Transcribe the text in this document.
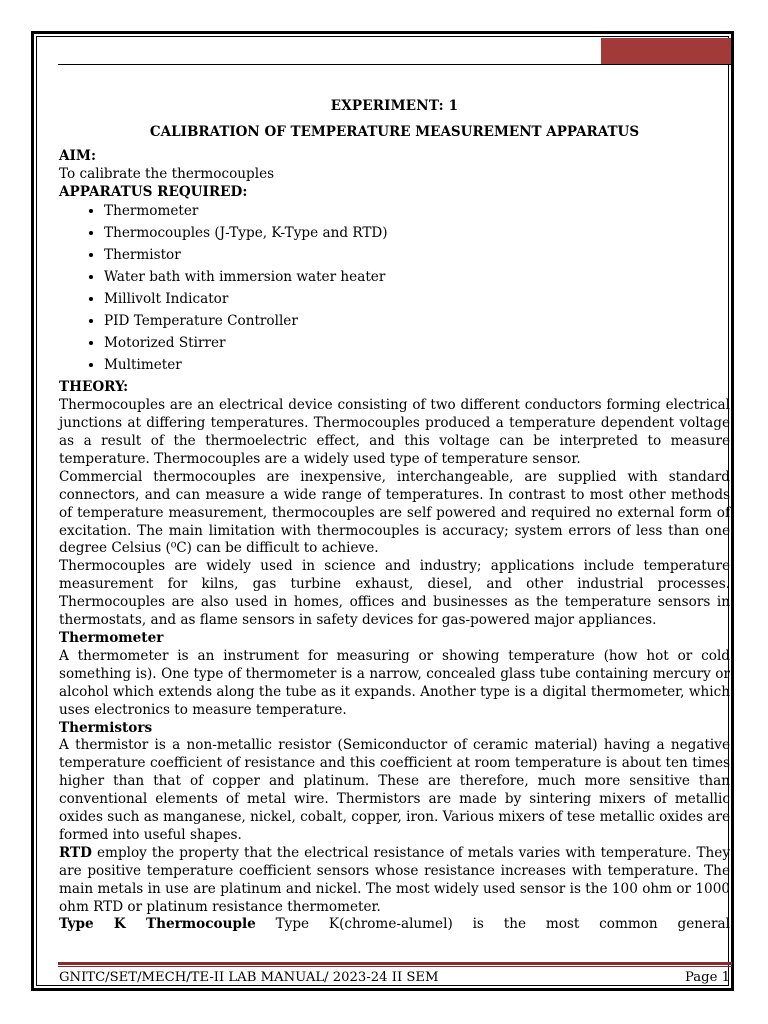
EXPERIMENT: 1

CALIBRATION OF TEMPERATURE MEASUREMENT APPARATUS

AIM:

To calibrate the thermocouples

APPARATUS REQUIRED:

• Thermometer
• Thermocouples (J-Type, K-Type and RTD)
• Thermistor
• Water bath with immersion water heater
• Millivolt Indicator
• PID Temperature Controller
• Motorized Stirrer
• Multimeter

THEORY:

Thermocouples are an electrical device consisting of two different conductors forming electrical junctions at differing temperatures. Thermocouples produced a temperature dependent voltage as a result of the thermoelectric effect, and this voltage can be interpreted to measure temperature. Thermocouples are a widely used type of temperature sensor.

Commercial thermocouples are inexpensive, interchangeable, are supplied with standard connectors, and can measure a wide range of temperatures. In contrast to most other methods of temperature measurement, thermocouples are self powered and required no external form of excitation. The main limitation with thermocouples is accuracy; system errors of less than one degree Celsius (⁰C) can be difficult to achieve.

Thermocouples are widely used in science and industry; applications include temperature measurement for kilns, gas turbine exhaust, diesel, and other industrial processes. Thermocouples are also used in homes, offices and businesses as the temperature sensors in thermostats, and as flame sensors in safety devices for gas-powered major appliances.

Thermometer

A thermometer is an instrument for measuring or showing temperature (how hot or cold something is). One type of thermometer is a narrow, concealed glass tube containing mercury or alcohol which extends along the tube as it expands. Another type is a digital thermometer, which uses electronics to measure temperature.

Thermistors

A thermistor is a non-metallic resistor (Semiconductor of ceramic material) having a negative temperature coefficient of resistance and this coefficient at room temperature is about ten times higher than that of copper and platinum. These are therefore, much more sensitive than conventional elements of metal wire. Thermistors are made by sintering mixers of metallic oxides such as manganese, nickel, cobalt, copper, iron. Various mixers of tese metallic oxides are formed into useful shapes.

RTD employ the property that the electrical resistance of metals varies with temperature. They are positive temperature coefficient sensors whose resistance increases with temperature. The main metals in use are platinum and nickel. The most widely used sensor is the 100 ohm or 1000 ohm RTD or platinum resistance thermometer.

Type K Thermocouple Type K(chrome-alumel) is the most common general

GNITC/SET/MECH/TE-II LAB MANUAL/ 2023-24 II SEM	Page 1
